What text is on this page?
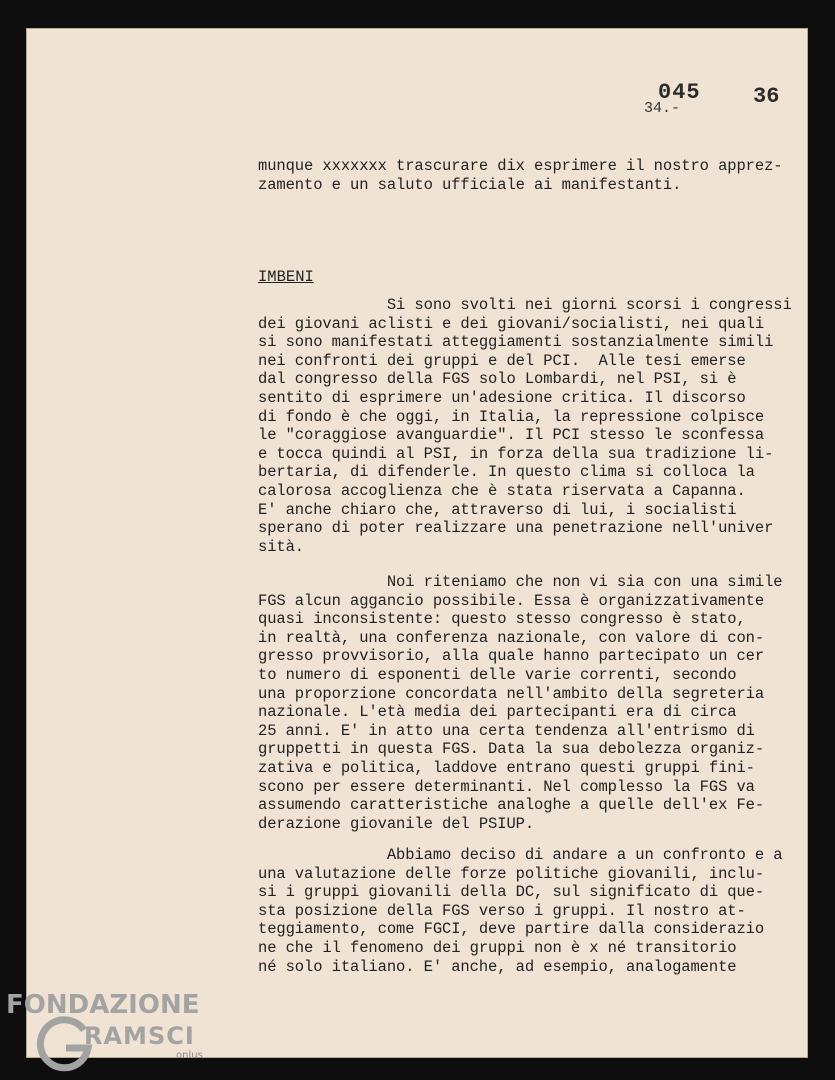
045 36
34.-
munque xxxxxxx trascurare dix esprimere il nostro apprez-
zamento e un saluto ufficiale ai manifestanti.
IMBENI
Si sono svolti nei giorni scorsi i congressi
dei giovani aclisti e dei giovani/socialisti, nei quali
si sono manifestati atteggiamenti sostanzialmente simili
nei confronti dei gruppi e del PCI.  Alle tesi emerse
dal congresso della FGS solo Lombardi, nel PSI, si è
sentito di esprimere un'adesione critica. Il discorso
di fondo è che oggi, in Italia, la repressione colpisce
le "coraggiose avanguardie". Il PCI stesso le sconfessa
e tocca quindi al PSI, in forza della sua tradizione li-
bertaria, di difenderle. In questo clima si colloca la
calorosa accoglienza che è stata riservata a Capanna.
E' anche chiaro che, attraverso di lui, i socialisti
sperano di poter realizzare una penetrazione nell'univer
sità.
Noi riteniamo che non vi sia con una simile
FGS alcun aggancio possibile. Essa è organizzativamente
quasi inconsistente: questo stesso congresso è stato,
in realtà, una conferenza nazionale, con valore di con-
gresso provvisorio, alla quale hanno partecipato un cer
to numero di esponenti delle varie correnti, secondo
una proporzione concordata nell'ambito della segreteria
nazionale. L'età media dei partecipanti era di circa
25 anni. E' in atto una certa tendenza all'entrismo di
gruppetti in questa FGS. Data la sua debolezza organiz-
zativa e politica, laddove entrano questi gruppi fini-
scono per essere determinanti. Nel complesso la FGS va
assumendo caratteristiche analoghe a quelle dell'ex Fe-
derazione giovanile del PSIUP.
Abbiamo deciso di andare a un confronto e a
una valutazione delle forze politiche giovanili, inclu-
si i gruppi giovanili della DC, sul significato di que-
sta posizione della FGS verso i gruppi. Il nostro at-
teggiamento, come FGCI, deve partire dalla considerazio
ne che il fenomeno dei gruppi non è x né transitorio
né solo italiano. E' anche, ad esempio, analogamente
FONDAZIONE
RAMSCI
onlus
